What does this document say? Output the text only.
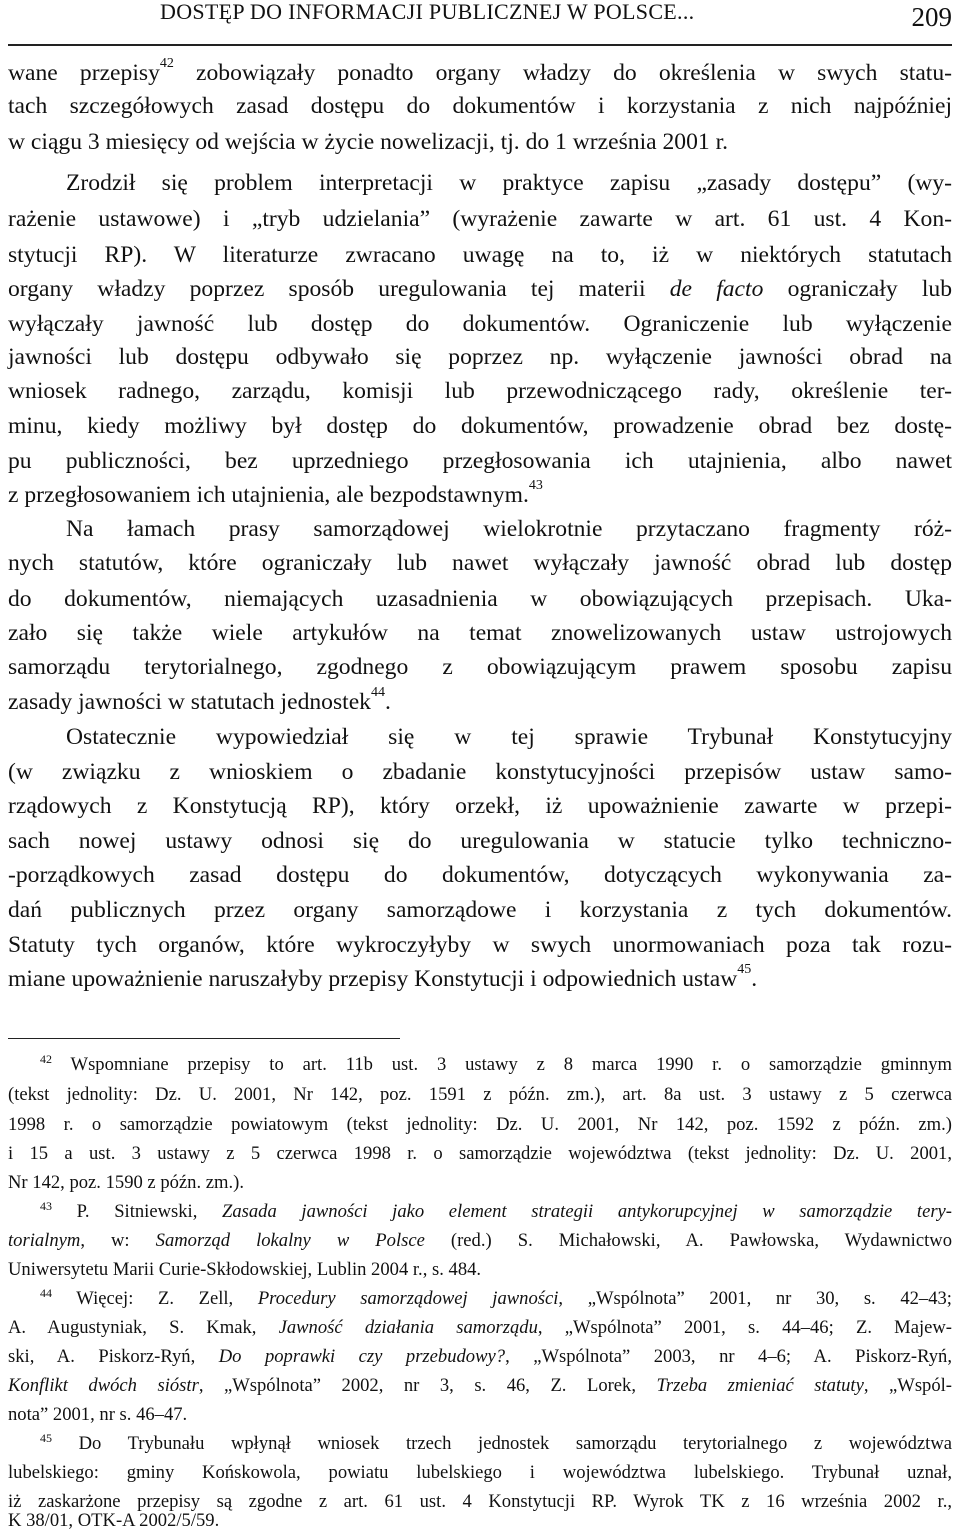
DOSTĘP DO INFORMACJI PUBLICZNEJ W POLSCE...	209

wane przepisy$^{42}$ zobowiązały ponadto organy władzy do określenia w swych statu-

tach szczegółowych zasad dostępu do dokumentów i korzystania z nich najpóźniej

w ciągu 3 miesięcy od wejścia w życie nowelizacji, tj. do 1 września 2001 r.

Zrodził się problem interpretacji w praktyce zapisu „zasady dostępu” (wy-

rażenie ustawowe) i „tryb udzielania” (wyrażenie zawarte w art. 61 ust. 4 Kon-

stytucji RP). W literaturze zwracano uwagę na to, iż w niektórych statutach

organy władzy poprzez sposób uregulowania tej materii de facto ograniczały lub

wyłączały jawność lub dostęp do dokumentów. Ograniczenie lub wyłączenie

jawności lub dostępu odbywało się poprzez np. wyłączenie jawności obrad na

wniosek radnego, zarządu, komisji lub przewodniczącego rady, określenie ter-

minu, kiedy możliwy był dostęp do dokumentów, prowadzenie obrad bez dostę-

pu publiczności, bez uprzedniego przegłosowania ich utajnienia, albo nawet

z przegłosowaniem ich utajnienia, ale bezpodstawnym.$^{43}$

Na łamach prasy samorządowej wielokrotnie przytaczano fragmenty róż-

nych statutów, które ograniczały lub nawet wyłączały jawność obrad lub dostęp

do dokumentów, niemających uzasadnienia w obowiązujących przepisach. Uka-

zało się także wiele artykułów na temat znowelizowanych ustaw ustrojowych

samorządu terytorialnego, zgodnego z obowiązującym prawem sposobu zapisu

zasady jawności w statutach jednostek$^{44}$.

Ostatecznie wypowiedział się w tej sprawie Trybunał Konstytucyjny

(w związku z wnioskiem o zbadanie konstytucyjności przepisów ustaw samo-

rządowych z Konstytucją RP), który orzekł, iż upoważnienie zawarte w przepi-

sach nowej ustawy odnosi się do uregulowania w statucie tylko techniczno-

-porządkowych zasad dostępu do dokumentów, dotyczących wykonywania za-

dań publicznych przez organy samorządowe i korzystania z tych dokumentów.

Statuty tych organów, które wykroczyłyby w swych unormowaniach poza tak rozu-

miane upoważnienie naruszałyby przepisy Konstytucji i odpowiednich ustaw$^{45}$.

$^{42}$ Wspomniane przepisy to art. 11b ust. 3 ustawy z 8 marca 1990 r. o samorządzie gminnym
(tekst jednolity: Dz. U. 2001, Nr 142, poz. 1591 z późn. zm.), art. 8a ust. 3 ustawy z 5 czerwca
1998 r. o samorządzie powiatowym (tekst jednolity: Dz. U. 2001, Nr 142, poz. 1592 z późn. zm.)
i 15 a ust. 3 ustawy z 5 czerwca 1998 r. o samorządzie województwa (tekst jednolity: Dz. U. 2001,
Nr 142, poz. 1590 z późn. zm.).
$^{43}$ P. Sitniewski, Zasada jawności jako element strategii antykorupcyjnej w samorządzie tery-
torialnym, w: Samorząd lokalny w Polsce (red.) S. Michałowski, A. Pawłowska, Wydawnictwo
Uniwersytetu Marii Curie-Skłodowskiej, Lublin 2004 r., s. 484.
$^{44}$ Więcej: Z. Zell, Procedury samorządowej jawności, „Wspólnota” 2001, nr 30, s. 42–43;
A. Augustyniak, S. Kmak, Jawność działania samorządu, „Wspólnota” 2001, s. 44–46; Z. Majew-
ski, A. Piskorz-Ryń, Do poprawki czy przebudowy?, „Wspólnota” 2003, nr 4–6; A. Piskorz-Ryń,
Konflikt dwóch sióstr, „Wspólnota” 2002, nr 3, s. 46, Z. Lorek, Trzeba zmieniać statuty, „Wspól-
nota” 2001, nr s. 46–47.
$^{45}$ Do Trybunału wpłynął wniosek trzech jednostek samorządu terytorialnego z województwa
lubelskiego: gminy Końskowola, powiatu lubelskiego i województwa lubelskiego. Trybunał uznał,
iż zaskarżone przepisy są zgodne z art. 61 ust. 4 Konstytucji RP. Wyrok TK z 16 września 2002 r.,
K 38/01, OTK-A 2002/5/59.
